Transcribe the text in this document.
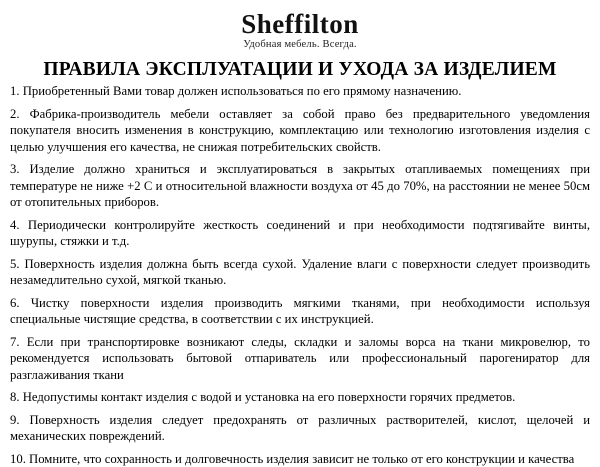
Sheffilton
Удобная мебель. Всегда.
ПРАВИЛА ЭКСПЛУАТАЦИИ И УХОДА ЗА ИЗДЕЛИЕМ

1. Приобретенный Вами товар должен использоваться по его прямому назначению.

2. Фабрика-производитель мебели оставляет за собой право без предварительного уведомления покупателя вносить изменения в конструкцию, комплектацию или технологию изготовления изделия с целью улучшения его качества, не снижая потребительских свойств.

3. Изделие должно храниться и эксплуатироваться в закрытых отапливаемых помещениях при температуре не ниже +2 С и относительной влажности воздуха от 45 до 70%, на расстоянии не менее 50см от отопительных приборов.

4. Периодически контролируйте жесткость соединений и при необходимости подтягивайте винты, шурупы, стяжки и т.д.

5. Поверхность изделия должна быть всегда сухой. Удаление влаги с поверхности следует производить незамедлительно сухой, мягкой тканью.

6. Чистку поверхности изделия производить мягкими тканями, при необходимости используя специальные чистящие средства, в соответствии с их инструкцией.

7. Если при транспортировке возникают следы, складки и заломы ворса на ткани микровелюр, то рекомендуется использовать бытовой отпариватель или профессиональный парогениратор для разглаживания ткани

8. Недопустимы контакт изделия с водой и установка на его поверхности горячих предметов.

9. Поверхность изделия следует предохранять от различных растворителей, кислот, щелочей и механических повреждений.

10. Помните, что сохранность и долговечность изделия зависит не только от его конструкции и качества
